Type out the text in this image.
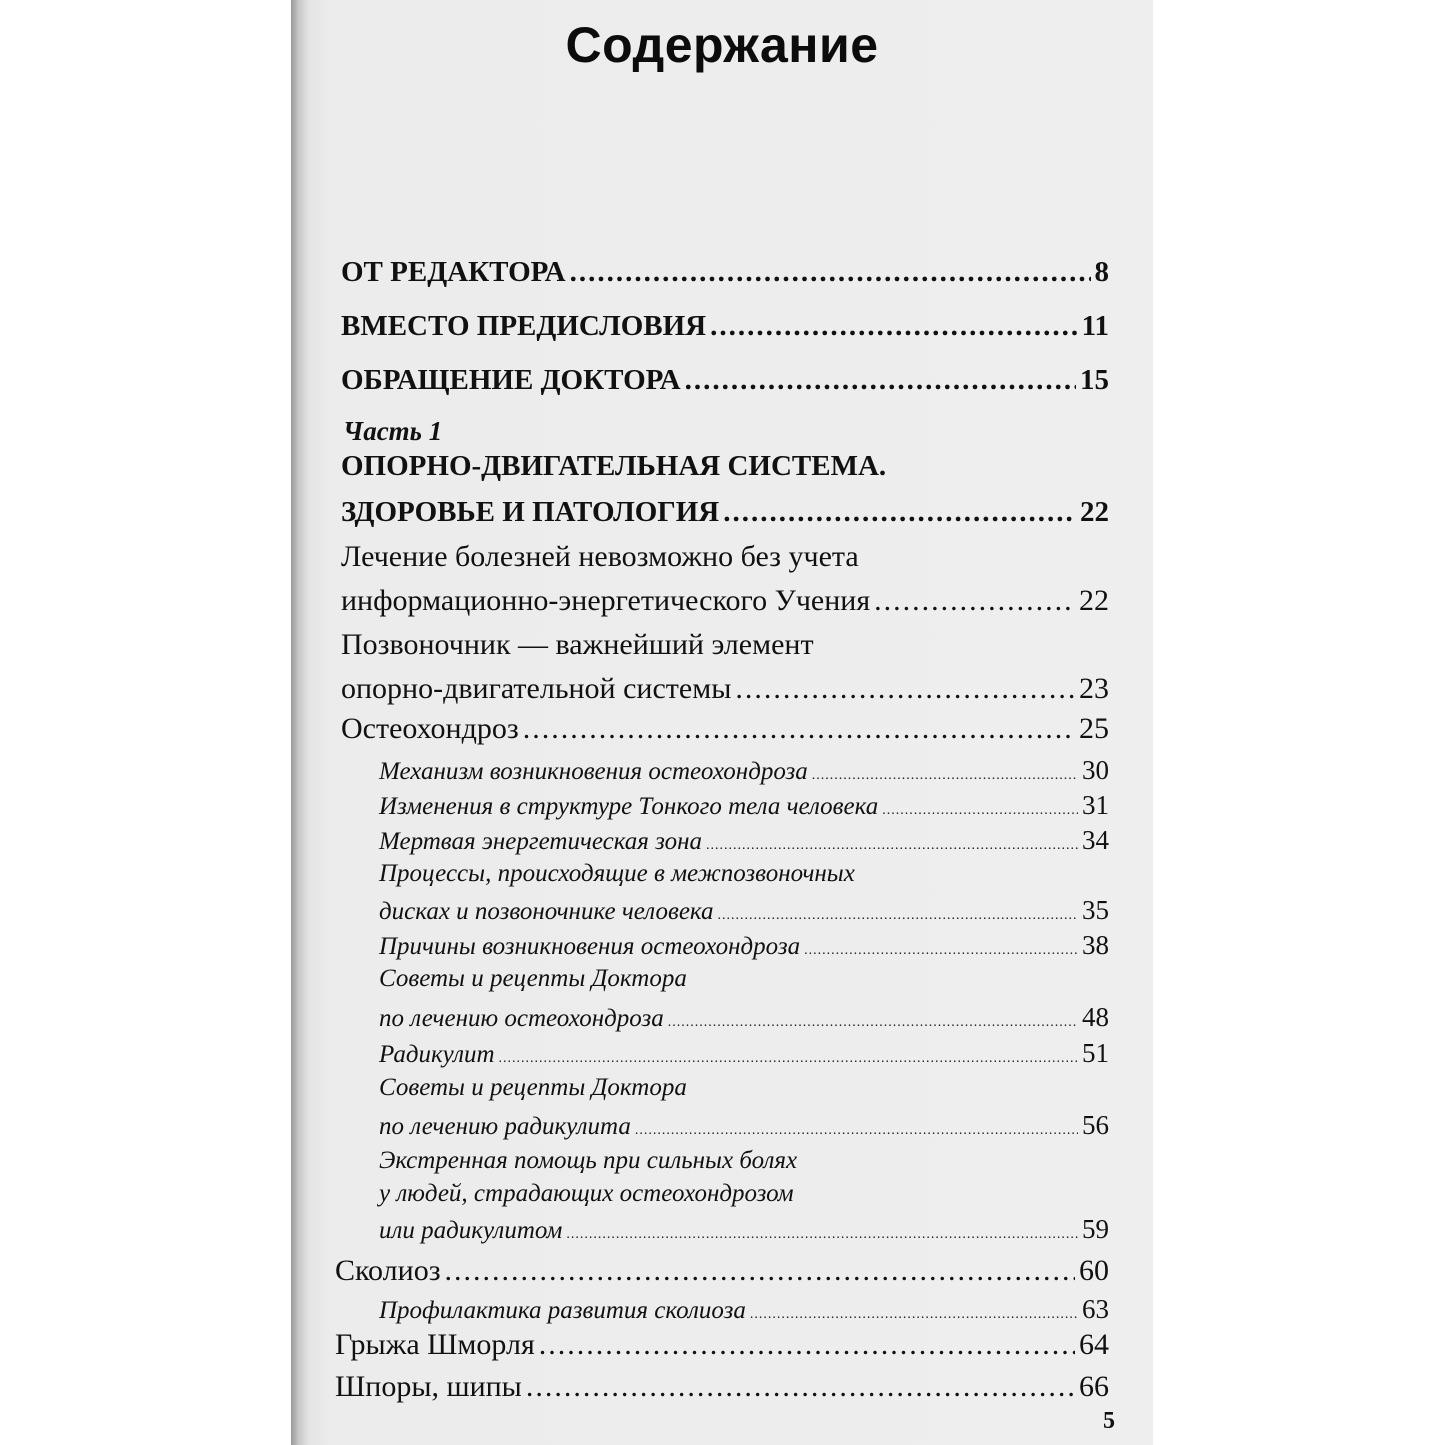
Содержание
ОТ РЕДАКТОРА .....	8
ВМЕСТО ПРЕДИСЛОВИЯ .....	11
ОБРАЩЕНИЕ ДОКТОРА .....	15
Часть 1
ОПОРНО-ДВИГАТЕЛЬНАЯ СИСТЕМА.
ЗДОРОВЬЕ И ПАТОЛОГИЯ .....	22
Лечение болезней невозможно без учета
информационно-энергетического Учения .....	22
Позвоночник — важнейший элемент
опорно-двигательной системы .....	23
Остеохондроз .....	25
Механизм возникновения остеохондроза .....	30
Изменения в структуре Тонкого тела человека .....	31
Мертвая энергетическая зона .....	34
Процессы, происходящие в межпозвоночных
дисках и позвоночнике человека .....	35
Причины возникновения остеохондроза .....	38
Советы и рецепты Доктора
по лечению остеохондроза .....	48
Радикулит .....	51
Советы и рецепты Доктора
по лечению радикулита .....	56
Экстренная помощь при сильных болях
у людей, страдающих остеохондрозом
или радикулитом .....	59
Сколиоз .....	60
Профилактика развития сколиоза .....	63
Грыжа Шморля .....	64
Шпоры, шипы .....	66
5
